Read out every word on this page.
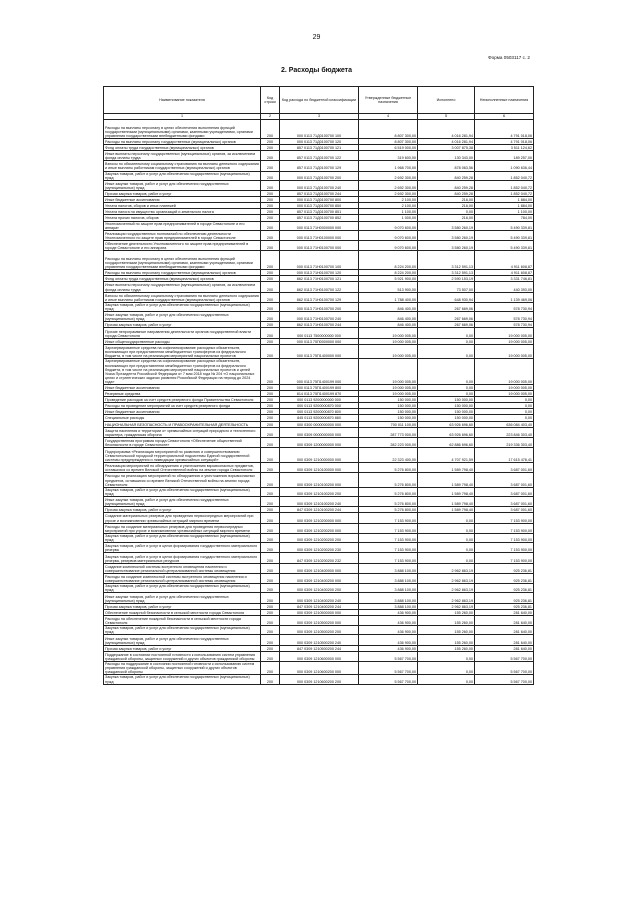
29
Форма 0503117 с. 2
2. Расходы бюджета
Наименование показателя	Код строки	Код расхода по бюджетной классификации	Утвержденные бюджетные назначения	Исполнено	Неисполненные назначения
1	2	3	4	5	6
Расходы на выплаты персоналу в целях обеспечения выполнения функций государственными (муниципальными) органами, казенными учреждениями, органами управления государственными внебюджетными фондами	200	000 0113 71Д0100700 100	8 807 300,00	4 016 281,94	4 791 018,06
Расходы на выплаты персоналу государственных (муниципальных) органов	200	000 0113 71Д0100700 120	8 807 300,00	4 016 281,94	4 791 018,06
Фонд оплаты труда государственных (муниципальных) органов	200	857 0113 71Д0100700 121	6 519 000,00	3 007 875,38	3 511 124,62
Иные выплаты персоналу государственных (муниципальных) органов, за исключением фонда оплаты труда	200	857 0113 71Д0100700 122	319 600,00	130 343,00	189 257,00
Взносы по обязательному социальному страхованию на выплаты денежного содержания и иные выплаты работникам государственных (муниципальных) органов	200	857 0113 71Д0100700 129	1 968 700,00	878 063,56	1 090 636,44
Закупка товаров, работ и услуг для обеспечения государственных (муниципальных) нужд	200	000 0113 71Д0100700 200	2 692 300,00	840 259,28	1 852 040,72
Иные закупки товаров, работ и услуг для обеспечения государственных (муниципальных) нужд	200	000 0113 71Д0100700 240	2 692 300,00	840 259,28	1 852 040,72
Прочая закупка товаров, работ и услуг	200	857 0113 71Д0100700 244	2 692 300,00	840 259,28	1 852 040,72
Иные бюджетные ассигнования	200	000 0113 71Д0100700 800	2 100,00	216,00	1 884,00
Уплата налогов, сборов и иных платежей	200	000 0113 71Д0100700 850	2 100,00	216,00	1 884,00
Уплата налога на имущество организаций и земельного налога	200	857 0113 71Д0100700 851	1 100,00	0,00	1 100,00
Уплата прочих налогов, сборов	200	857 0113 71Д0100700 852	1 000,00	216,00	784,00
Уполномоченный по защите прав предпринимателей в городе Севастополе и его аппарат	200	000 0113 71Н0000000 000	9 070 600,00	3 580 260,19	5 490 339,81
Реализация государственных полномочий по обеспечению деятельности Уполномоченного по защите прав предпринимателей в городе Севастополе	200	000 0113 71Н0100000 000	9 070 600,00	3 580 260,19	5 490 339,81
Обеспечение деятельности Уполномоченного по защите прав предпринимателей в городе Севастополе и его аппарата	200	000 0113 71Н0100700 000	9 070 600,00	3 580 260,19	5 490 339,81
Расходы на выплаты персоналу в целях обеспечения выполнения функций государственными (муниципальными) органами, казенными учреждениями, органами управления государственными внебюджетными фондами	200	000 0113 71Н0100700 100	8 224 200,00	3 312 591,13	4 911 608,87
Расходы на выплаты персоналу государственных (муниципальных) органов	200	000 0113 71Н0100700 120	8 224 200,00	3 312 591,13	4 911 608,87
Фонд оплаты труда государственных (муниципальных) органов	200	862 0113 71Н0100700 121	5 921 900,00	2 590 153,19	3 331 746,81
Иные выплаты персоналу государственных (муниципальных) органов, за исключением фонда оплаты труда	200	862 0113 71Н0100700 122	513 900,00	73 507,00	440 393,00
Взносы по обязательному социальному страхованию на выплаты денежного содержания и иные выплаты работникам государственных (муниципальных) органов	200	862 0113 71Н0100700 129	1 788 400,00	648 930,94	1 139 469,06
Закупка товаров, работ и услуг для обеспечения государственных (муниципальных) нужд	200	000 0113 71Н0100700 200	846 400,00	267 669,06	578 730,94
Иные закупки товаров, работ и услуг для обеспечения государственных (муниципальных) нужд	200	000 0113 71Н0100700 240	846 400,00	267 669,06	578 730,94
Прочая закупка товаров, работ и услуг	200	862 0113 71Н0100700 244	846 400,00	267 669,06	578 730,94
Прочие непрограммные направления деятельности органов государственной власти города Севастополя	200	000 0113 7500000000 000	19 000 005,00	0,00	19 000 005,00
Иные общегосударственные расходы	200	000 0113 75П0000000 000	19 000 005,00	0,00	19 000 005,00
Зарезервированные средства на софинансирование расходных обязательств, возникающих при предоставлении межбюджетных трансфертов из федерального бюджета, в том числе на реализацию мероприятий национальных проектов	200	000 0113 75П1400000 000	19 000 005,00	0,00	19 000 005,00
Зарезервированные средства на софинансирование расходных обязательств, возникающих при предоставлении межбюджетных трансфертов из федерального бюджета, в том числе на реализацию мероприятий национальных проектов и целей Указа Президента Российской Федерации от 7 мая 2018 года № 204 «О национальных целях и стратегических задачах развития Российской Федерации на период до 2024 года»	200	000 0113 75П1400199 000	19 000 005,00	0,00	19 000 005,00
Иные бюджетные ассигнования	200	000 0113 75П1400199 800	19 000 005,00	0,00	19 000 005,00
Резервные средства	200	814 0113 75П1400199 870	19 000 005,00	0,00	19 000 005,00
Проведение расходов за счет средств резервного фонда Правительства Севастополя	200	000 0113 9200000000 000	150 000,00	150 000,00	0,00
Расходы на проведение мероприятий за счет средств резервного фонда	200	000 0113 9200000870 000	150 000,00	150 000,00	0,00
Иные бюджетные ассигнования	200	000 0113 9200000870 800	150 000,00	150 000,00	0,00
Специальные расходы	200	845 0113 9200000870 880	150 000,00	150 000,00	0,00
НАЦИОНАЛЬНАЯ БЕЗОПАСНОСТЬ И ПРАВООХРАНИТЕЛЬНАЯ ДЕЯТЕЛЬНОСТЬ	200	000 0300 0000000000 000	700 011 100,00	63 926 696,60	636 084 403,40
Защита населения и территории от чрезвычайных ситуаций природного и техногенного характера, гражданская оборона	200	000 0309 0000000000 000	287 773 000,00	63 926 696,60	223 846 303,40
Государственная программа города Севастополя «Обеспечение общественной безопасности в городе Севастополе»	200	000 0309 1200000000 000	282 223 000,00	62 886 696,60	219 336 303,40
Подпрограмма «Реализация мероприятий по развитию и совершенствованию Севастопольской городской территориальной подсистемы Единой государственной системы предупреждения и ликвидации чрезвычайных ситуаций»	200	000 0309 1210000000 000	22 323 400,00	4 707 921,59	17 615 478,41
Реализация мероприятий по обнаружению и уничтожению взрывоопасных предметов, оставшихся со времен Великой Отечественной войны на землях города Севастополя	200	000 0309 1210100000 000	5 276 800,00	1 589 798,40	3 687 001,60
Расходы на реализацию мероприятий по обнаружению и уничтожению взрывоопасных предметов, оставшихся со времен Великой Отечественной войны на землях города Севастополя	200	000 0309 1210100200 000	5 276 800,00	1 589 798,40	3 687 001,60
Закупка товаров, работ и услуг для обеспечения государственных (муниципальных) нужд	200	000 0309 1210100200 200	5 276 800,00	1 589 798,40	3 687 001,60
Иные закупки товаров, работ и услуг для обеспечения государственных (муниципальных) нужд	200	000 0309 1210100200 240	5 276 800,00	1 589 798,40	3 687 001,60
Прочая закупка товаров, работ и услуг	200	847 0309 1210100200 244	5 276 800,00	1 589 798,40	3 687 001,60
Создание материальных резервов для проведения первоочередных мероприятий при угрозе и возникновении чрезвычайных ситуаций мирного времени	200	000 0309 1210200000 000	7 153 900,00	0,00	7 153 900,00
Расходы на создание материальных резервов для проведения первоочередных мероприятий при угрозе и возникновении чрезвычайных ситуаций мирного времени	200	000 0309 1210200200 000	7 153 900,00	0,00	7 153 900,00
Закупка товаров, работ и услуг для обеспечения государственных (муниципальных) нужд	200	000 0309 1210200200 200	7 153 900,00	0,00	7 153 900,00
Закупка товаров, работ и услуг в целях формирования государственного материального резерва	200	000 0309 1210200200 230	7 153 900,00	0,00	7 153 900,00
Закупка товаров, работ и услуг в целях формирования государственного материального резерва, резервов материальных ресурсов	200	847 0309 1210200200 232	7 153 900,00	0,00	7 153 900,00
Создание комплексной системы экстренного оповещения населения и совершенствование региональной централизованной системы оповещения	200	000 0309 1210400000 000	3 888 100,00	2 962 863,19	925 236,81
Расходы на создание комплексной системы экстренного оповещения населения и совершенствование региональной централизованной системы оповещения	200	000 0309 1210400200 000	3 888 100,00	2 962 863,19	925 236,81
Закупка товаров, работ и услуг для обеспечения государственных (муниципальных) нужд	200	000 0309 1210400200 200	3 888 100,00	2 962 863,19	925 236,81
Иные закупки товаров, работ и услуг для обеспечения государственных (муниципальных) нужд	200	000 0309 1210400200 240	3 888 100,00	2 962 863,19	925 236,81
Прочая закупка товаров, работ и услуг	200	847 0309 1210400200 244	3 888 100,00	2 962 863,19	925 236,81
Обеспечение пожарной безопасности в сельской местности города Севастополя	200	000 0309 1210500000 000	436 900,00	155 260,00	281 640,00
Расходы на обеспечение пожарной безопасности в сельской местности города Севастополя	200	000 0309 1210500200 000	436 900,00	155 260,00	281 640,00
Закупка товаров, работ и услуг для обеспечения государственных (муниципальных) нужд	200	000 0309 1210500200 200	436 900,00	155 260,00	281 640,00
Иные закупки товаров, работ и услуг для обеспечения государственных (муниципальных) нужд	200	000 0309 1210500200 240	436 900,00	155 260,00	281 640,00
Прочая закупка товаров, работ и услуг	200	847 0309 1210500200 244	436 900,00	155 260,00	281 640,00
Поддержание в состоянии постоянной готовности к использованию систем управления гражданской обороны, защитных сооружений и других объектов гражданской обороны	200	000 0309 1210600000 000	5 567 700,00	0,00	5 567 700,00
Расходы на поддержание в состоянии постоянной готовности к использованию систем управления гражданской обороны, защитных сооружений и других объектов гражданской обороны	200	000 0309 1210600200 000	5 567 700,00	0,00	5 567 700,00
Закупка товаров, работ и услуг для обеспечения государственных (муниципальных) нужд	200	000 0309 1210600200 200	5 567 700,00	0,00	5 567 700,00
